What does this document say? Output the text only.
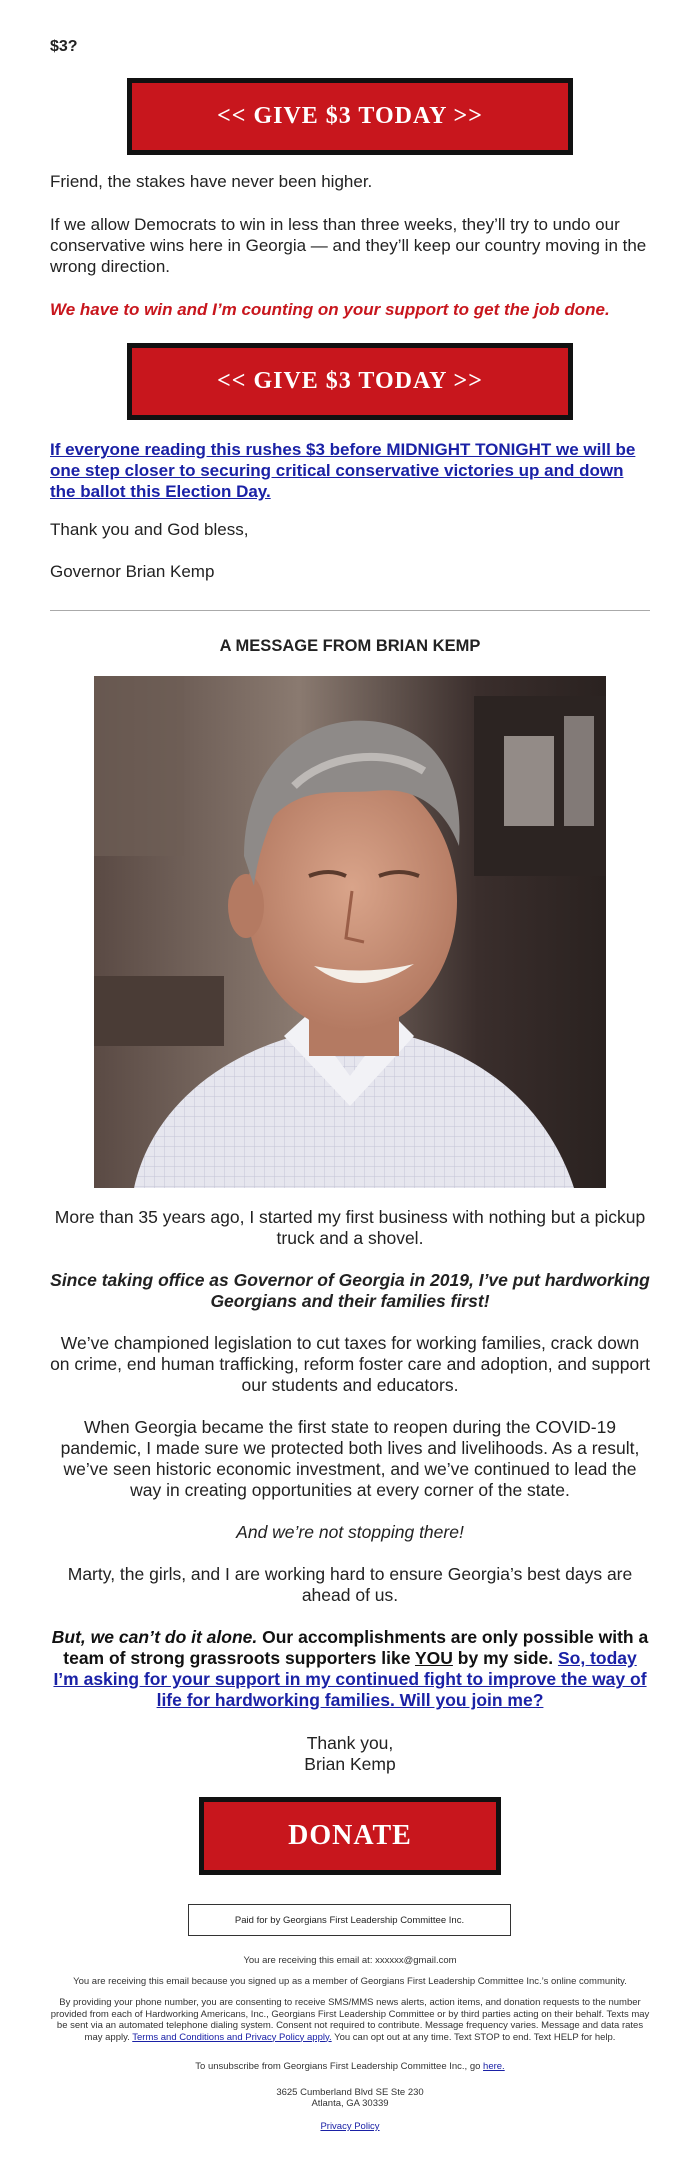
$3?
<< GIVE $3 TODAY >>
Friend, the stakes have never been higher.
If we allow Democrats to win in less than three weeks, they’ll try to undo our conservative wins here in Georgia — and they’ll keep our country moving in the wrong direction.
We have to win and I’m counting on your support to get the job done.
<< GIVE $3 TODAY >>
If everyone reading this rushes $3 before MIDNIGHT TONIGHT we will be one step closer to securing critical conservative victories up and down the ballot this Election Day.
Thank you and God bless,
Governor Brian Kemp
A MESSAGE FROM BRIAN KEMP
More than 35 years ago, I started my first business with nothing but a pickup truck and a shovel.
Since taking office as Governor of Georgia in 2019, I’ve put hardworking Georgians and their families first!
We’ve championed legislation to cut taxes for working families, crack down on crime, end human trafficking, reform foster care and adoption, and support our students and educators.
When Georgia became the first state to reopen during the COVID-19 pandemic, I made sure we protected both lives and livelihoods. As a result, we’ve seen historic economic investment, and we’ve continued to lead the way in creating opportunities at every corner of the state.
And we’re not stopping there!
Marty, the girls, and I are working hard to ensure Georgia’s best days are ahead of us.
But, we can’t do it alone. Our accomplishments are only possible with a team of strong grassroots supporters like YOU by my side. So, today I’m asking for your support in my continued fight to improve the way of life for hardworking families. Will you join me?
Thank you,
Brian Kemp
DONATE
Paid for by Georgians First Leadership Committee Inc.
You are receiving this email at: xxxxxx@gmail.com
You are receiving this email because you signed up as a member of Georgians First Leadership Committee Inc.’s online community.
By providing your phone number, you are consenting to receive SMS/MMS news alerts, action items, and donation requests to the number provided from each of Hardworking Americans, Inc., Georgians First Leadership Committee or by third parties acting on their behalf. Texts may be sent via an automated telephone dialing system. Consent not required to contribute. Message frequency varies. Message and data rates may apply. Terms and Conditions and Privacy Policy apply. You can opt out at any time. Text STOP to end. Text HELP for help.
To unsubscribe from Georgians First Leadership Committee Inc., go here.
3625 Cumberland Blvd SE Ste 230
Atlanta, GA 30339
Privacy Policy
